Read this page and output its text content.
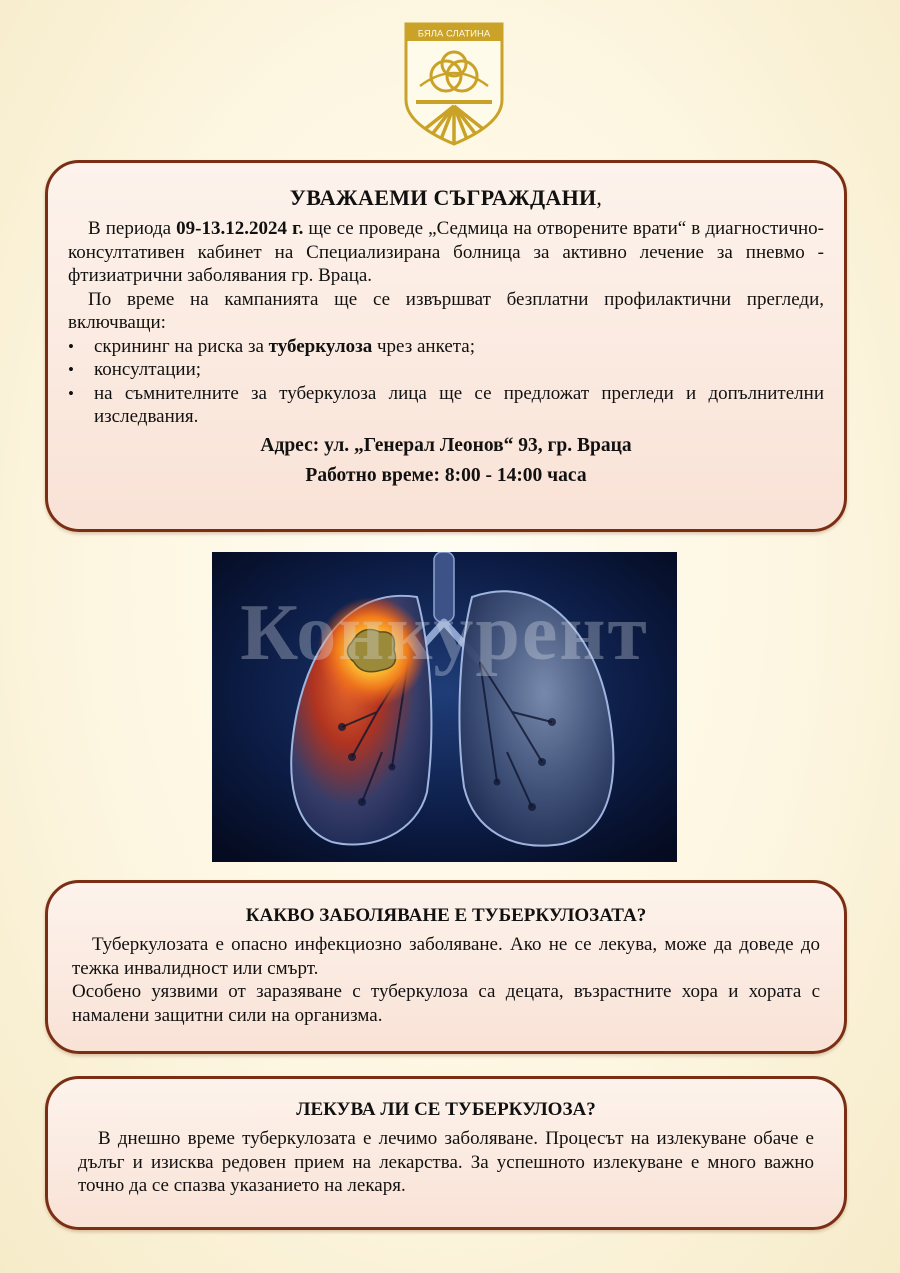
БЯЛА СЛАТИНА
УВАЖАЕМИ СЪГРАЖДАНИ,

В периода 09-13.12.2024 г. ще се проведе „Седмица на отворените врати“ в диагностично-консултативен кабинет на Специализирана болница за активно лечение за пневмо - фтизиатрични заболявания гр. Враца.

По време на кампанията ще се извършват безплатни профилактични прегледи, включващи:

• скрининг на риска за туберкулоза чрез анкета;
• консултации;
• на съмнителните за туберкулоза лица ще се предложат прегледи и допълнителни изследвания.

Адрес: ул. „Генерал Леонов“ 93, гр. Враца

Работно време: 8:00 - 14:00 часа

Конкурент
КАКВО ЗАБОЛЯВАНЕ Е ТУБЕРКУЛОЗАТА?

Туберкулозата е опасно инфекциозно заболяване. Ако не се лекува, може да доведе до тежка инвалидност или смърт.

Особено уязвими от заразяване с туберкулоза са децата, възрастните хора и хората с намалени защитни сили на организма.

ЛЕКУВА ЛИ СЕ ТУБЕРКУЛОЗА?

В днешно време туберкулозата е лечимо заболяване. Процесът на излекуване обаче е дълъг и изисква редовен прием на лекарства. За успешното излекуване е много важно точно да се спазва указанието на лекаря.
